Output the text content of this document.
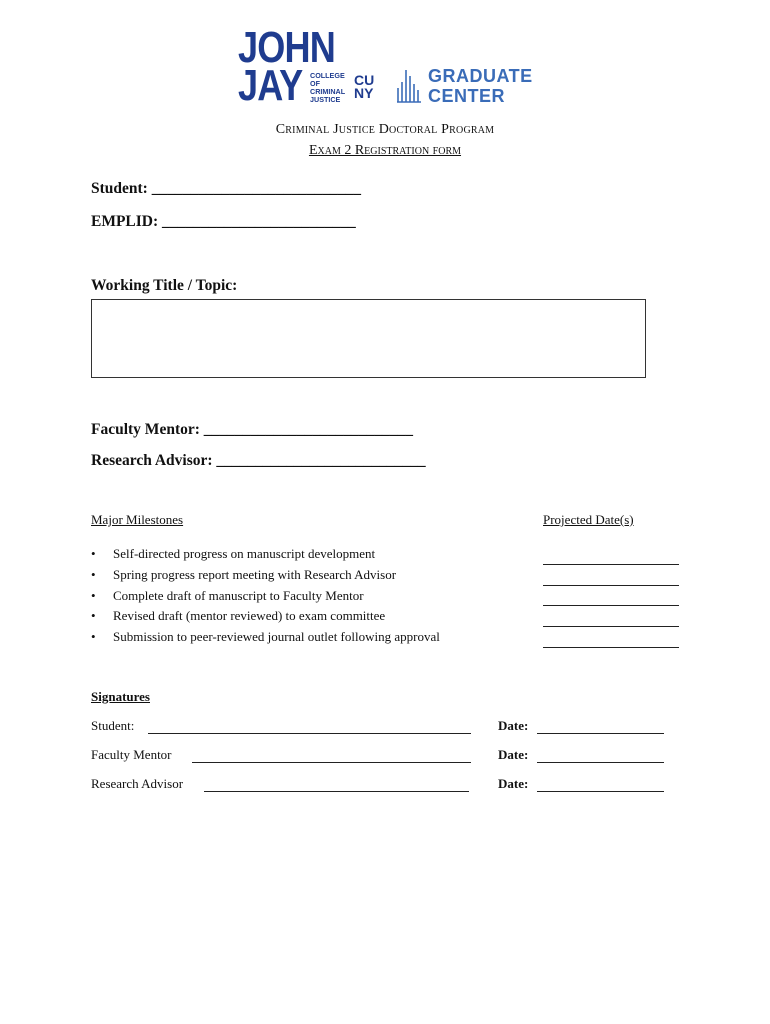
JOHN
JAY COLLEGE
OF
CRIMINAL
JUSTICE
CU
NY
GRADUATE
CENTER
Criminal Justice Doctoral Program
Exam 2 Registration form
Student: ___________________________
EMPLID: _________________________
Working Title / Topic:
Faculty Mentor: ___________________________
Research Advisor: ___________________________
Major Milestones	Projected Date(s)
• Self-directed progress on manuscript development
• Spring progress report meeting with Research Advisor
• Complete draft of manuscript to Faculty Mentor
• Revised draft (mentor reviewed) to exam committee
• Submission to peer-reviewed journal outlet following approval
Signatures
Student:	Date:
Faculty Mentor	Date:
Research Advisor	Date:
